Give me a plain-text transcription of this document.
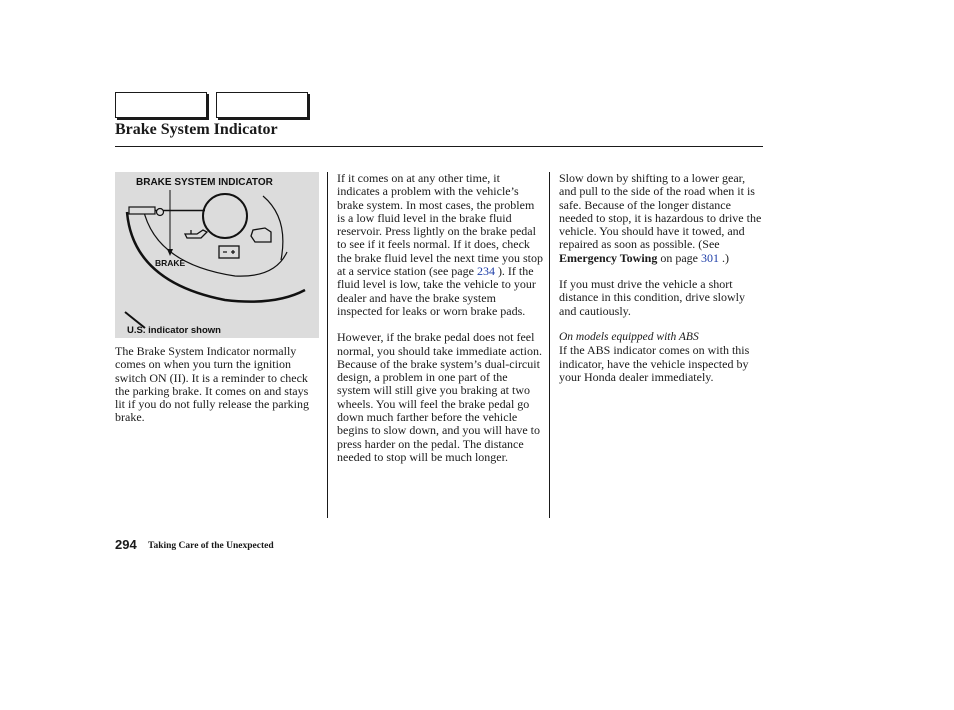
Brake System Indicator
BRAKE SYSTEM INDICATOR
BRAKE
U.S. indicator shown

The Brake System Indicator normally comes on when you turn the ignition switch ON (II). It is a reminder to check the parking brake. It comes on and stays lit if you do not fully release the parking brake.

If it comes on at any other time, it indicates a problem with the vehicle’s brake system. In most cases, the problem is a low fluid level in the brake fluid reservoir. Press lightly on the brake pedal to see if it feels normal. If it does, check the brake fluid level the next time you stop at a service station (see page 234 ). If the fluid level is low, take the vehicle to your dealer and have the brake system inspected for leaks or worn brake pads.

However, if the brake pedal does not feel normal, you should take immediate action. Because of the brake system’s dual-circuit design, a problem in one part of the system will still give you braking at two wheels. You will feel the brake pedal go down much farther before the vehicle begins to slow down, and you will have to press harder on the pedal. The distance needed to stop will be much longer.

Slow down by shifting to a lower gear, and pull to the side of the road when it is safe. Because of the longer distance needed to stop, it is hazardous to drive the vehicle. You should have it towed, and repaired as soon as possible. (See Emergency Towing on page 301 .)

If you must drive the vehicle a short distance in this condition, drive slowly and cautiously.

On models equipped with ABS
If the ABS indicator comes on with this indicator, have the vehicle inspected by your Honda dealer immediately.

294 Taking Care of the Unexpected
